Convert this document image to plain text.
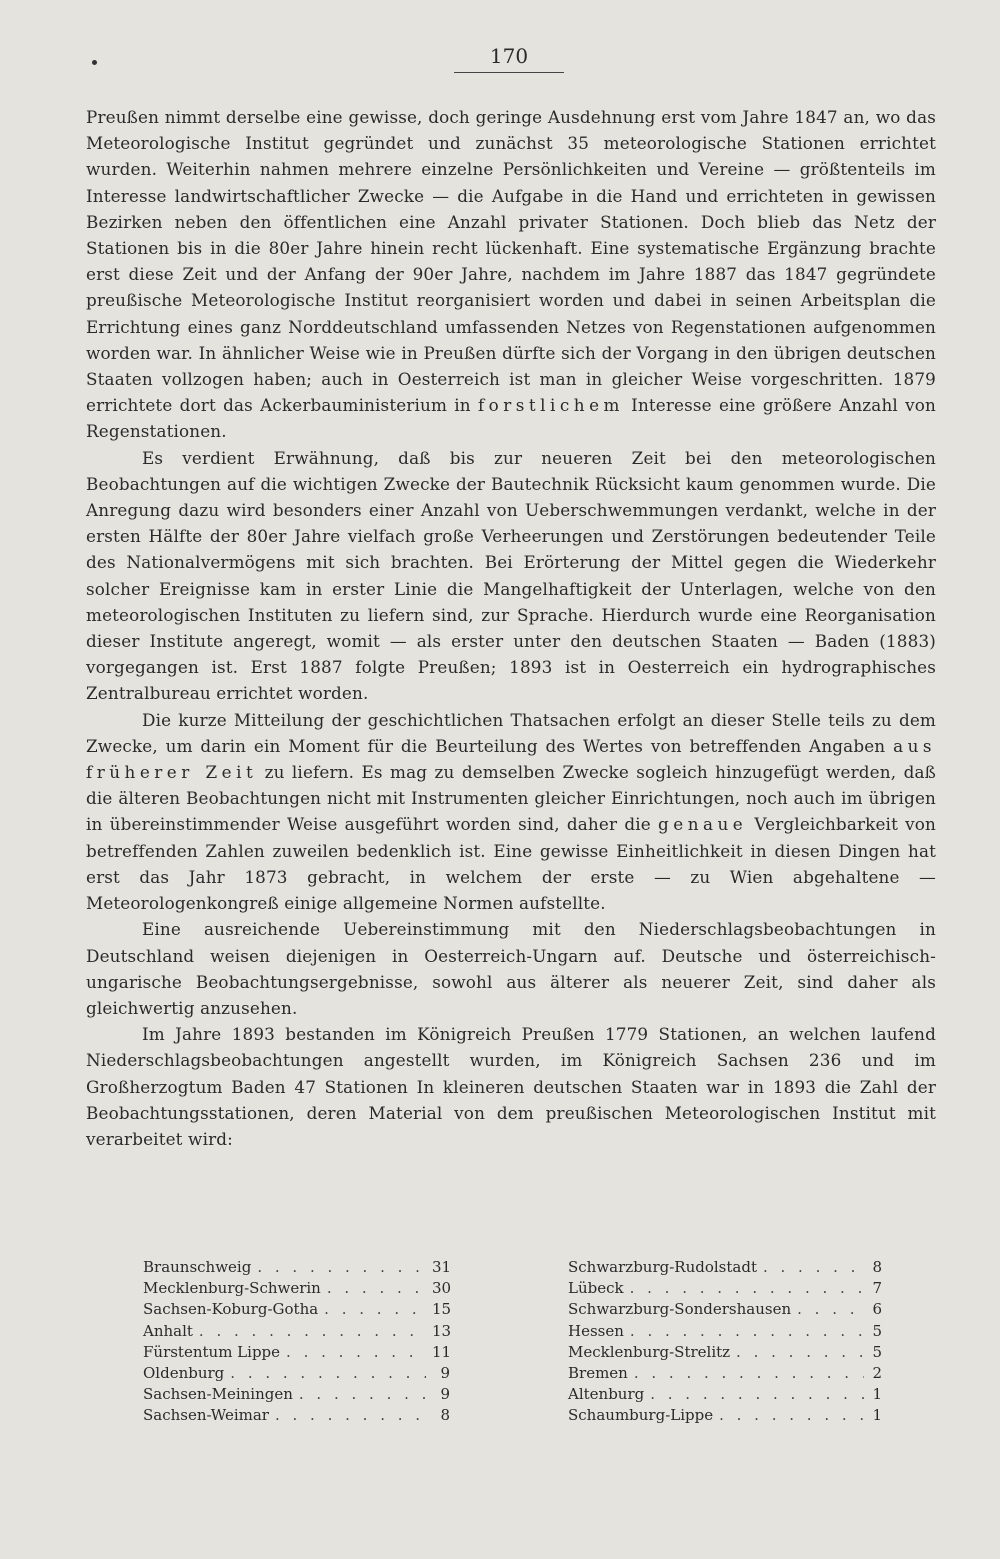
170

Preußen nimmt derselbe eine gewisse, doch geringe Ausdehnung erst vom Jahre 1847 an, wo das Meteorologische Institut gegründet und zunächst 35 meteorologische Stationen errichtet wurden. Weiterhin nahmen mehrere einzelne Persönlichkeiten und Vereine — größtenteils im Interesse landwirtschaftlicher Zwecke — die Aufgabe in die Hand und errichteten in gewissen Bezirken neben den öffentlichen eine Anzahl privater Stationen. Doch blieb das Netz der Stationen bis in die 80er Jahre hinein recht lückenhaft. Eine systematische Ergänzung brachte erst diese Zeit und der Anfang der 90er Jahre, nachdem im Jahre 1887 das 1847 gegründete preußische Meteorologische Institut reorganisiert worden und dabei in seinen Arbeitsplan die Errichtung eines ganz Norddeutschland umfassenden Netzes von Regenstationen aufgenommen worden war. In ähnlicher Weise wie in Preußen dürfte sich der Vorgang in den übrigen deutschen Staaten vollzogen haben; auch in Oesterreich ist man in gleicher Weise vorgeschritten. 1879 errichtete dort das Ackerbauministerium in forstlichem Interesse eine größere Anzahl von Regenstationen.

Es verdient Erwähnung, daß bis zur neueren Zeit bei den meteorologischen Beobachtungen auf die wichtigen Zwecke der Bautechnik Rücksicht kaum genommen wurde. Die Anregung dazu wird besonders einer Anzahl von Ueberschwemmungen verdankt, welche in der ersten Hälfte der 80er Jahre vielfach große Verheerungen und Zerstörungen bedeutender Teile des Nationalvermögens mit sich brachten. Bei Erörterung der Mittel gegen die Wiederkehr solcher Ereignisse kam in erster Linie die Mangelhaftigkeit der Unterlagen, welche von den meteorologischen Instituten zu liefern sind, zur Sprache. Hierdurch wurde eine Reorganisation dieser Institute angeregt, womit — als erster unter den deutschen Staaten — Baden (1883) vorgegangen ist. Erst 1887 folgte Preußen; 1893 ist in Oesterreich ein hydrographisches Zentralbureau errichtet worden.

Die kurze Mitteilung der geschichtlichen Thatsachen erfolgt an dieser Stelle teils zu dem Zwecke, um darin ein Moment für die Beurteilung des Wertes von betreffenden Angaben aus früherer Zeit zu liefern. Es mag zu demselben Zwecke sogleich hinzugefügt werden, daß die älteren Beobachtungen nicht mit Instrumenten gleicher Einrichtungen, noch auch im übrigen in übereinstimmender Weise ausgeführt worden sind, daher die genaue Vergleichbarkeit von betreffenden Zahlen zuweilen bedenklich ist. Eine gewisse Einheitlichkeit in diesen Dingen hat erst das Jahr 1873 gebracht, in welchem der erste — zu Wien abgehaltene — Meteorologenkongreß einige allgemeine Normen aufstellte.

Eine ausreichende Uebereinstimmung mit den Niederschlagsbeobachtungen in Deutschland weisen diejenigen in Oesterreich-Ungarn auf. Deutsche und österreichisch-ungarische Beobachtungsergebnisse, sowohl aus älterer als neuerer Zeit, sind daher als gleichwertig anzusehen.

Im Jahre 1893 bestanden im Königreich Preußen 1779 Stationen, an welchen laufend Niederschlagsbeobachtungen angestellt wurden, im Königreich Sachsen 236 und im Großherzogtum Baden 47 Stationen In kleineren deutschen Staaten war in 1893 die Zahl der Beobachtungsstationen, deren Material von dem preußischen Meteorologischen Institut mit verarbeitet wird:

Braunschweig . . .	31
Mecklenburg-Schwerin . . .	30
Sachsen-Koburg-Gotha . . .	15
Anhalt . . .	13
Fürstentum Lippe . . .	11
Oldenburg . . .	9
Sachsen-Meiningen . . .	9
Sachsen-Weimar . . .	8
Schwarzburg-Rudolstadt . . .	8
Lübeck . . .	7
Schwarzburg-Sondershausen . . .	6
Hessen . . .	5
Mecklenburg-Strelitz . . .	5
Bremen . . .	2
Altenburg . . .	1
Schaumburg-Lippe . . .	1
